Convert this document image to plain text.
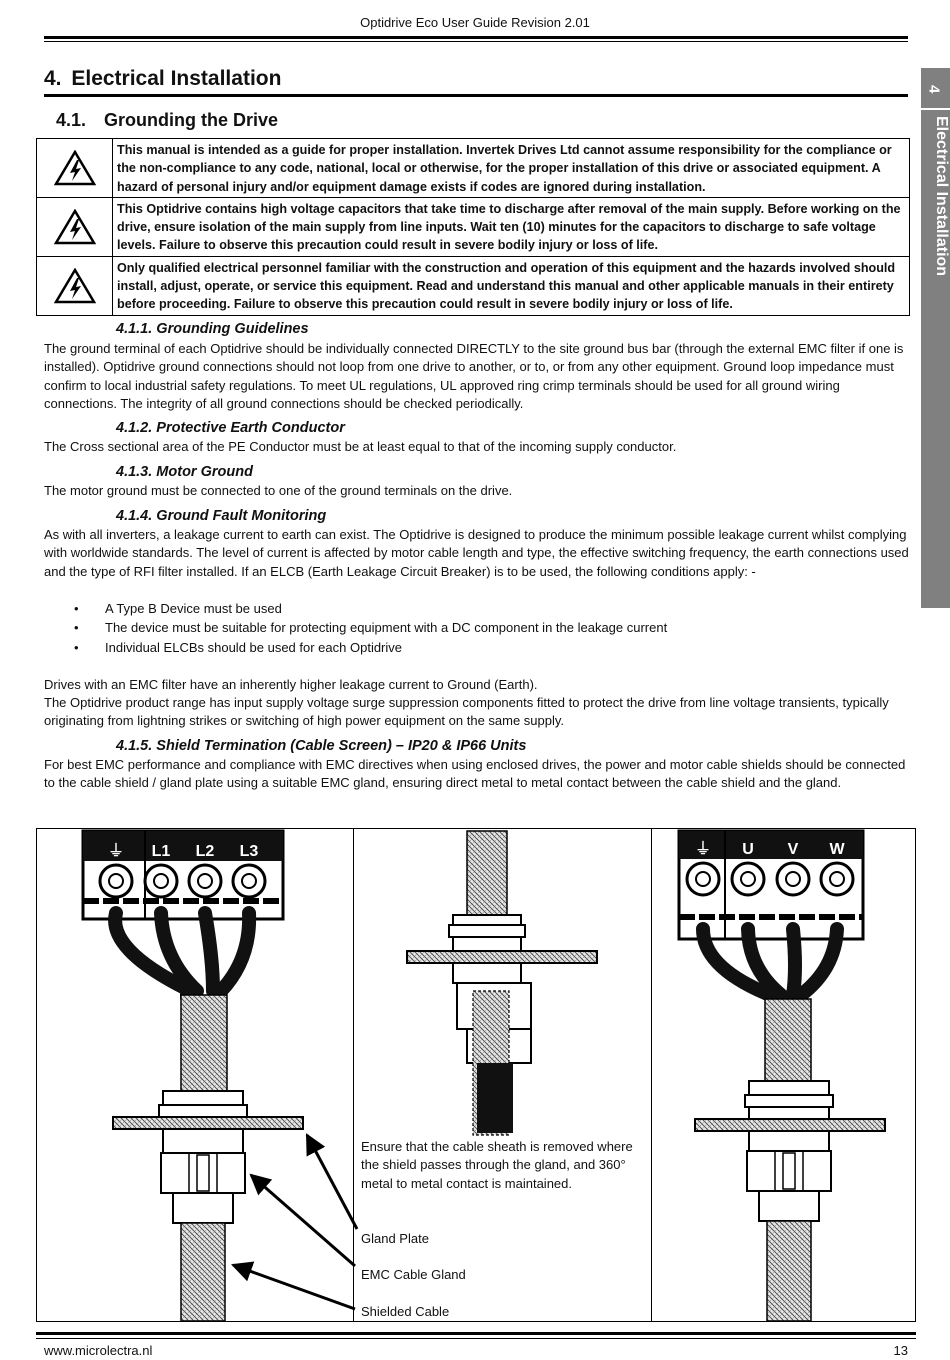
Optidrive Eco User Guide Revision 2.01
4. Electrical Installation
4.1. Grounding the Drive
This manual is intended as a guide for proper installation. Invertek Drives Ltd cannot assume responsibility for the compliance or the non-compliance to any code, national, local or otherwise, for the proper installation of this drive or associated equipment. A hazard of personal injury and/or equipment damage exists if codes are ignored during installation.
This Optidrive contains high voltage capacitors that take time to discharge after removal of the main supply. Before working on the drive, ensure isolation of the main supply from line inputs. Wait ten (10) minutes for the capacitors to discharge to safe voltage levels. Failure to observe this precaution could result in severe bodily injury or loss of life.
Only qualified electrical personnel familiar with the construction and operation of this equipment and the hazards involved should install, adjust, operate, or service this equipment. Read and understand this manual and other applicable manuals in their entirety before proceeding. Failure to observe this precaution could result in severe bodily injury or loss of life.
4.1.1. Grounding Guidelines
The ground terminal of each Optidrive should be individually connected DIRECTLY to the site ground bus bar (through the external EMC filter if one is installed). Optidrive ground connections should not loop from one drive to another, or to, or from any other equipment. Ground loop impedance must confirm to local industrial safety regulations. To meet UL regulations, UL approved ring crimp terminals should be used for all ground wiring connections. The integrity of all ground connections should be checked periodically.
4.1.2. Protective Earth Conductor
The Cross sectional area of the PE Conductor must be at least equal to that of the incoming supply conductor.
4.1.3. Motor Ground
The motor ground must be connected to one of the ground terminals on the drive.
4.1.4. Ground Fault Monitoring
As with all inverters, a leakage current to earth can exist. The Optidrive is designed to produce the minimum possible leakage current whilst complying with worldwide standards. The level of current is affected by motor cable length and type, the effective switching frequency, the earth connections used and the type of RFI filter installed. If an ELCB (Earth Leakage Circuit Breaker) is to be used, the following conditions apply: -
• A Type B Device must be used
• The device must be suitable for protecting equipment with a DC component in the leakage current
• Individual ELCBs should be used for each Optidrive
Drives with an EMC filter have an inherently higher leakage current to Ground (Earth).
The Optidrive product range has input supply voltage surge suppression components fitted to protect the drive from line voltage transients, typically originating from lightning strikes or switching of high power equipment on the same supply.
4.1.5. Shield Termination (Cable Screen) – IP20 & IP66 Units
For best EMC performance and compliance with EMC directives when using enclosed drives, the power and motor cable shields should be connected to the cable shield / gland plate using a suitable EMC gland, ensuring direct metal to metal contact between the cable shield and the gland.
⏚ L1 L2 L3	⏚ U V W
Ensure that the cable sheath is removed where the shield passes through the gland, and 360° metal to metal contact is maintained.
Gland Plate
EMC Cable Gland
Shielded Cable
4
Electrical Installation
www.microlectra.nl	13
